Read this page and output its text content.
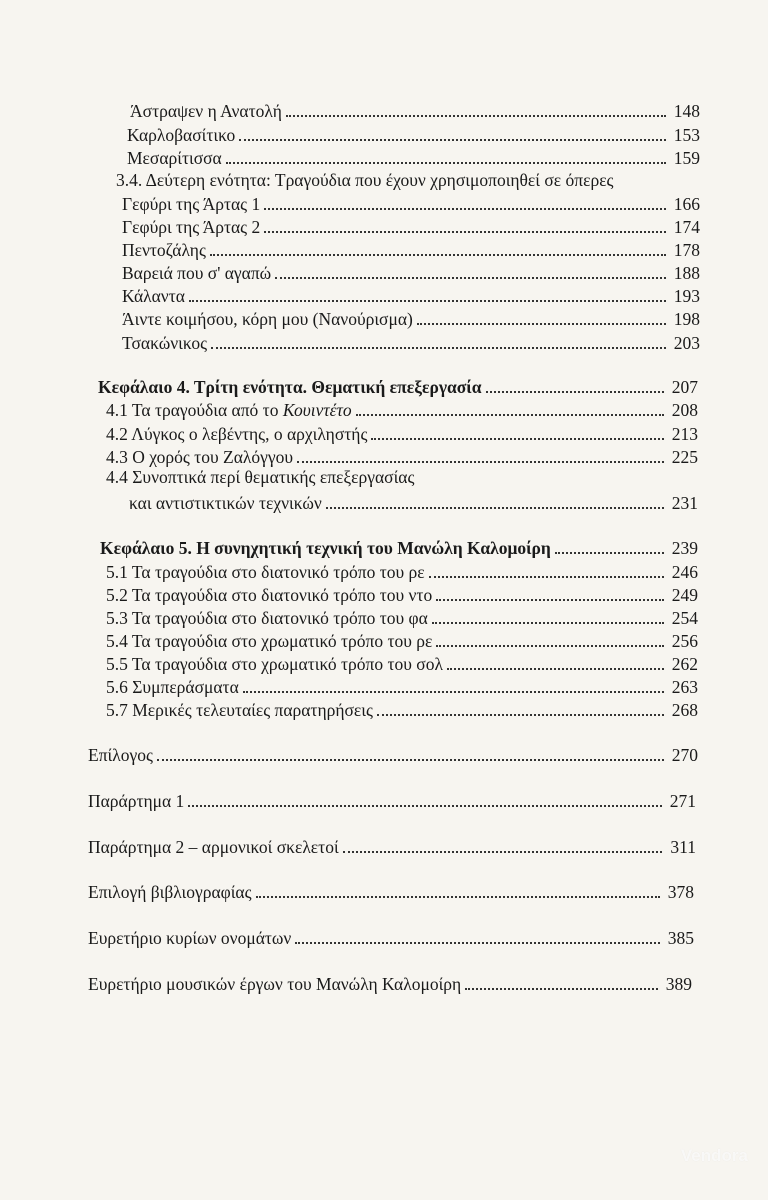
Άστραψεν η Ανατολή	148
Καρλοβασίτικο	153
Μεσαρίτισσα	159
3.4. Δεύτερη ενότητα: Τραγούδια που έχουν χρησιμοποιηθεί σε όπερες
Γεφύρι της Άρτας 1	166
Γεφύρι της Άρτας 2	174
Πεντοζάλης	178
Βαρειά που σ' αγαπώ	188
Κάλαντα	193
Άιντε κοιμήσου, κόρη μου (Νανούρισμα)	198
Τσακώνικος	203
Κεφάλαιο 4. Τρίτη ενότητα. Θεματική επεξεργασία	207
4.1 Τα τραγούδια από το Κουιντέτο	208
4.2 Λύγκος ο λεβέντης, ο αρχιληστής	213
4.3 Ο χορός του Ζαλόγγου	225
4.4 Συνοπτικά περί θεματικής επεξεργασίας
και αντιστικτικών τεχνικών	231
Κεφάλαιο 5. Η συνηχητική τεχνική του Μανώλη Καλομοίρη	239
5.1 Τα τραγούδια στο διατονικό τρόπο του ρε	246
5.2 Τα τραγούδια στο διατονικό τρόπο του ντο	249
5.3 Τα τραγούδια στο διατονικό τρόπο του φα	254
5.4 Τα τραγούδια στο χρωματικό τρόπο του ρε	256
5.5 Τα τραγούδια στο χρωματικό τρόπο του σολ	262
5.6 Συμπεράσματα	263
5.7 Μερικές τελευταίες παρατηρήσεις	268
Επίλογος	270
Παράρτημα 1	271
Παράρτημα 2 – αρμονικοί σκελετοί	311
Επιλογή βιβλιογραφίας	378
Ευρετήριο κυρίων ονομάτων	385
Ευρετήριο μουσικών έργων του Μανώλη Καλομοίρη	389
Vendora
